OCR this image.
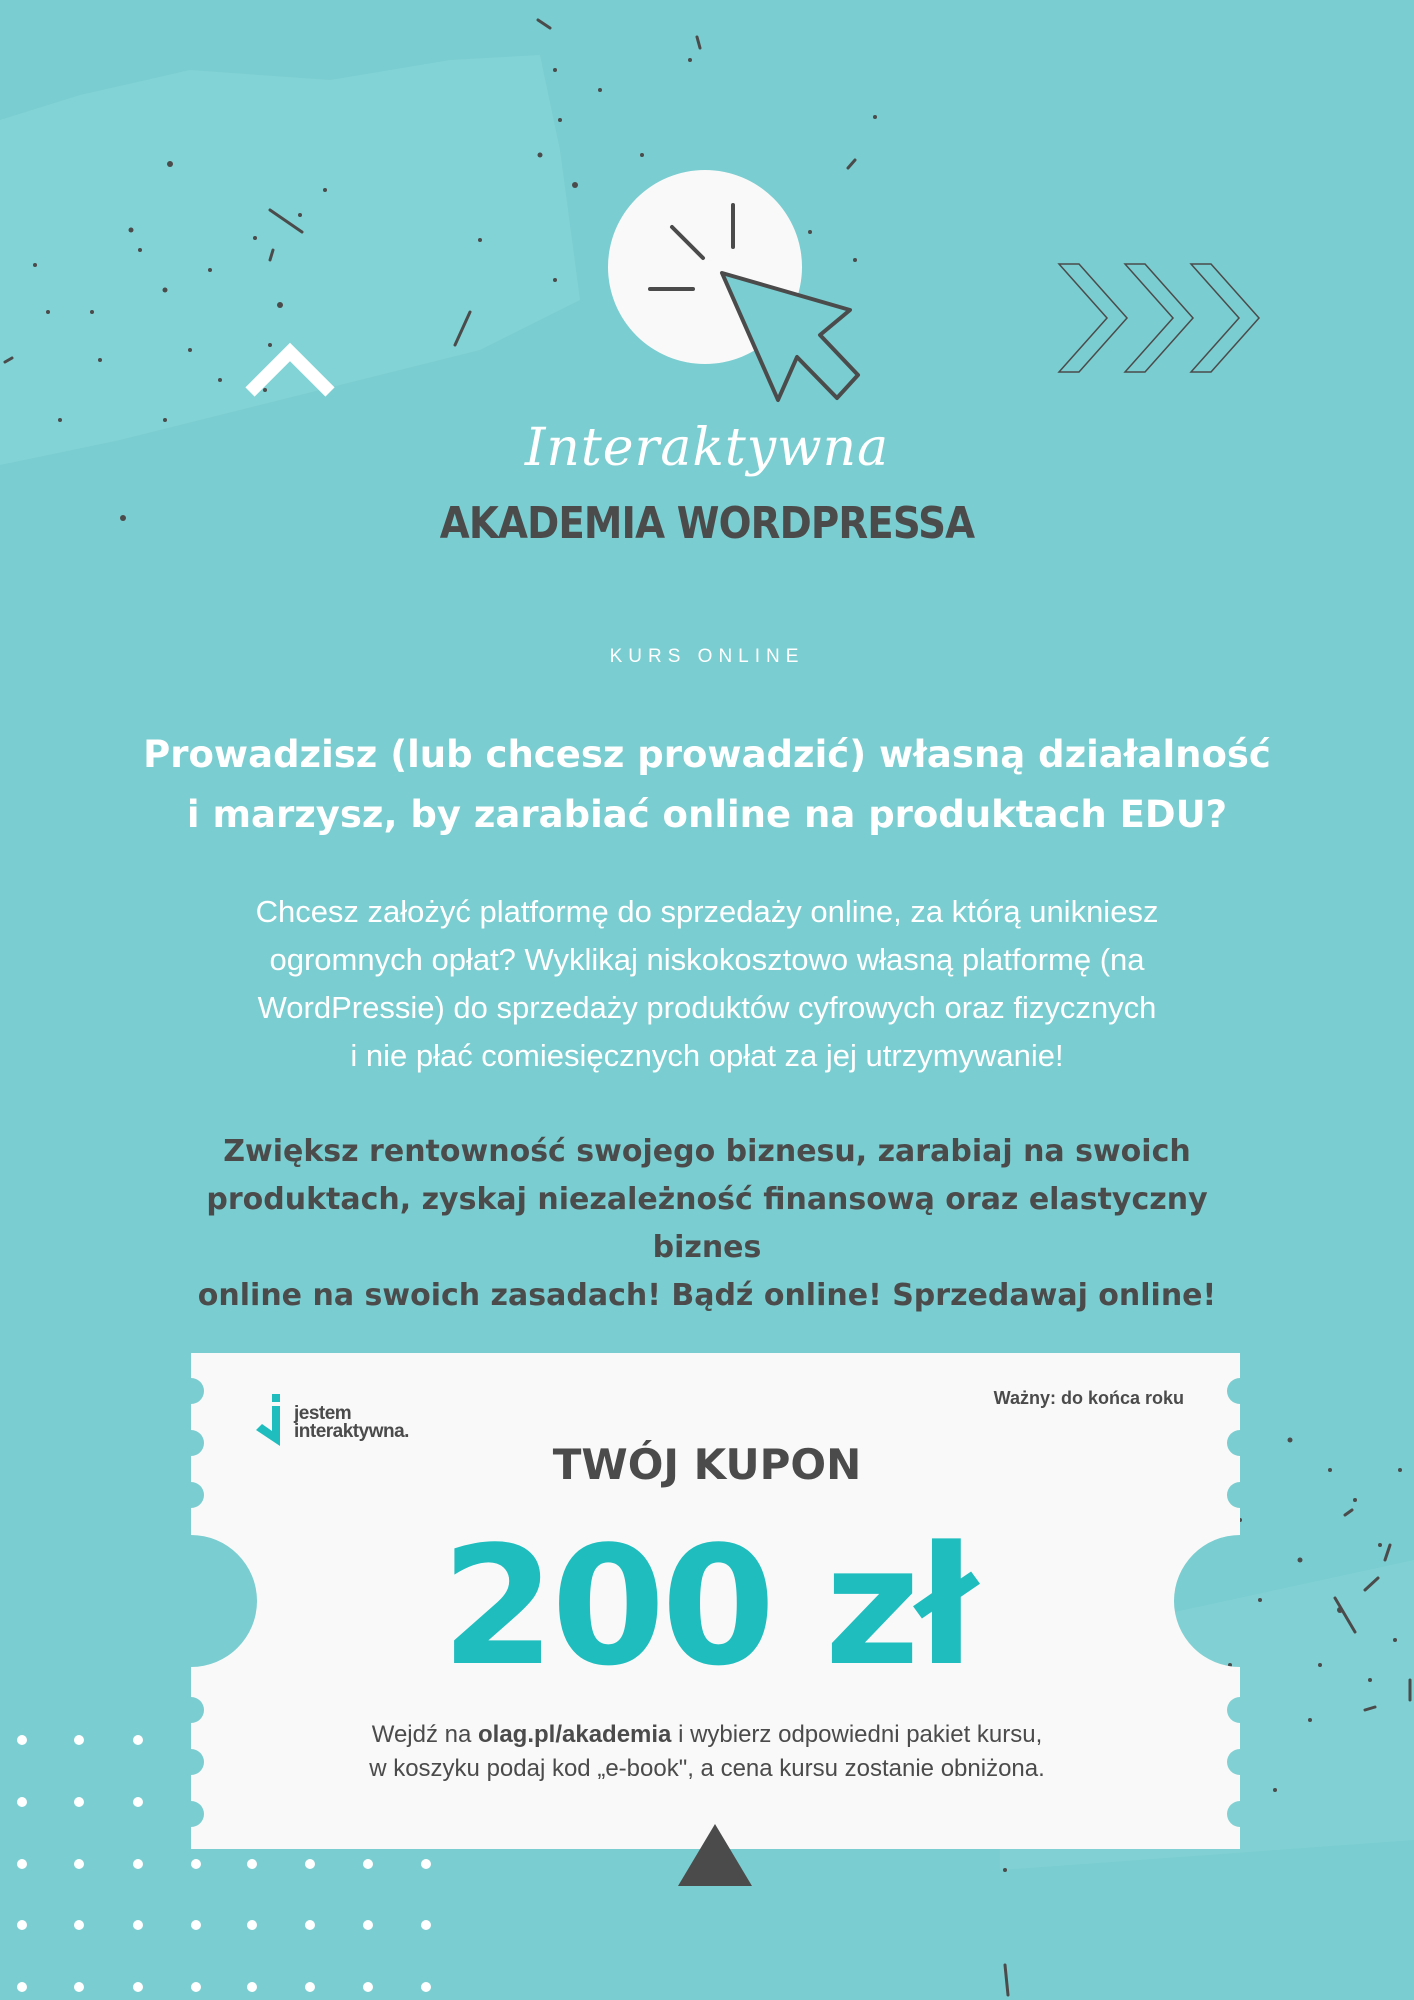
Interaktywna
AKADEMIA WORDPRESSA
KURS ONLINE
Prowadzisz (lub chcesz prowadzić) własną działalność
i marzysz, by zarabiać online na produktach EDU?
Chcesz założyć platformę do sprzedaży online, za którą unikniesz
ogromnych opłat? Wyklikaj niskokosztowo własną platformę (na
WordPressie) do sprzedaży produktów cyfrowych oraz fizycznych
i nie płać comiesięcznych opłat za jej utrzymywanie!
Zwiększ rentowność swojego biznesu, zarabiaj na swoich
produktach, zyskaj niezależność finansową oraz elastyczny biznes
online na swoich zasadach! Bądź online! Sprzedawaj online!
jestem
interaktywna.
Ważny: do końca roku
TWÓJ KUPON
200 zł
Wejdź na olag.pl/akademia i wybierz odpowiedni pakiet kursu,
w koszyku podaj kod „e-book", a cena kursu zostanie obniżona.
